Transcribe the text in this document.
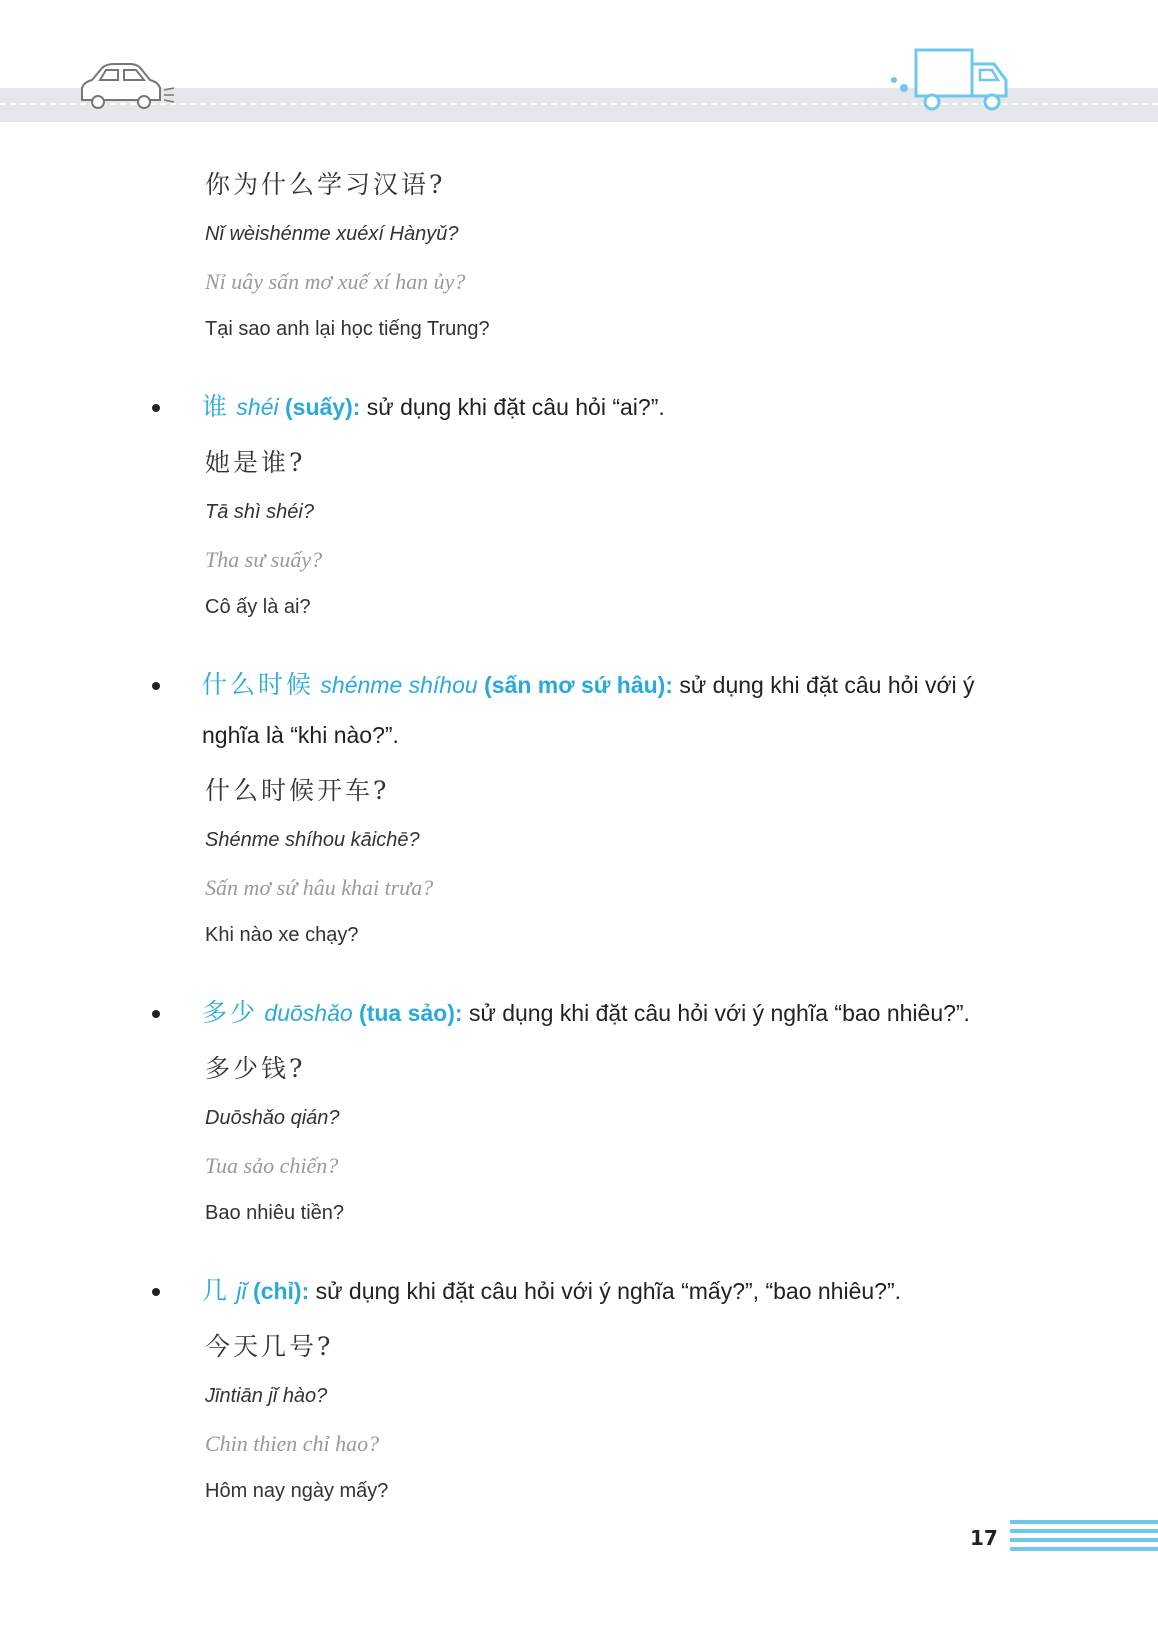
你为什么学习汉语?
Nǐ wèishénme xuéxí Hànyǔ?
Nỉ uây sấn mơ xuế xí han ủy?
Tại sao anh lại học tiếng Trung?
谁 shéi (suấy): sử dụng khi đặt câu hỏi “ai?”.
她是谁?
Tā shì shéi?
Tha sư suấy?
Cô ấy là ai?
什么时候 shénme shíhou (sấn mơ sứ hâu): sử dụng khi đặt câu hỏi với ý nghĩa là “khi nào?”.
什么时候开车?
Shénme shíhou kāichē?
Sấn mơ sứ hâu khai trưa?
Khi nào xe chạy?
多少 duōshǎo (tua sảo): sử dụng khi đặt câu hỏi với ý nghĩa “bao nhiêu?”.
多少钱?
Duōshǎo qián?
Tua sảo chiến?
Bao nhiêu tiền?
几 jǐ (chỉ): sử dụng khi đặt câu hỏi với ý nghĩa “mấy?”, “bao nhiêu?”.
今天几号?
Jīntiān jǐ hào?
Chin thien chỉ hao?
Hôm nay ngày mấy?
17
